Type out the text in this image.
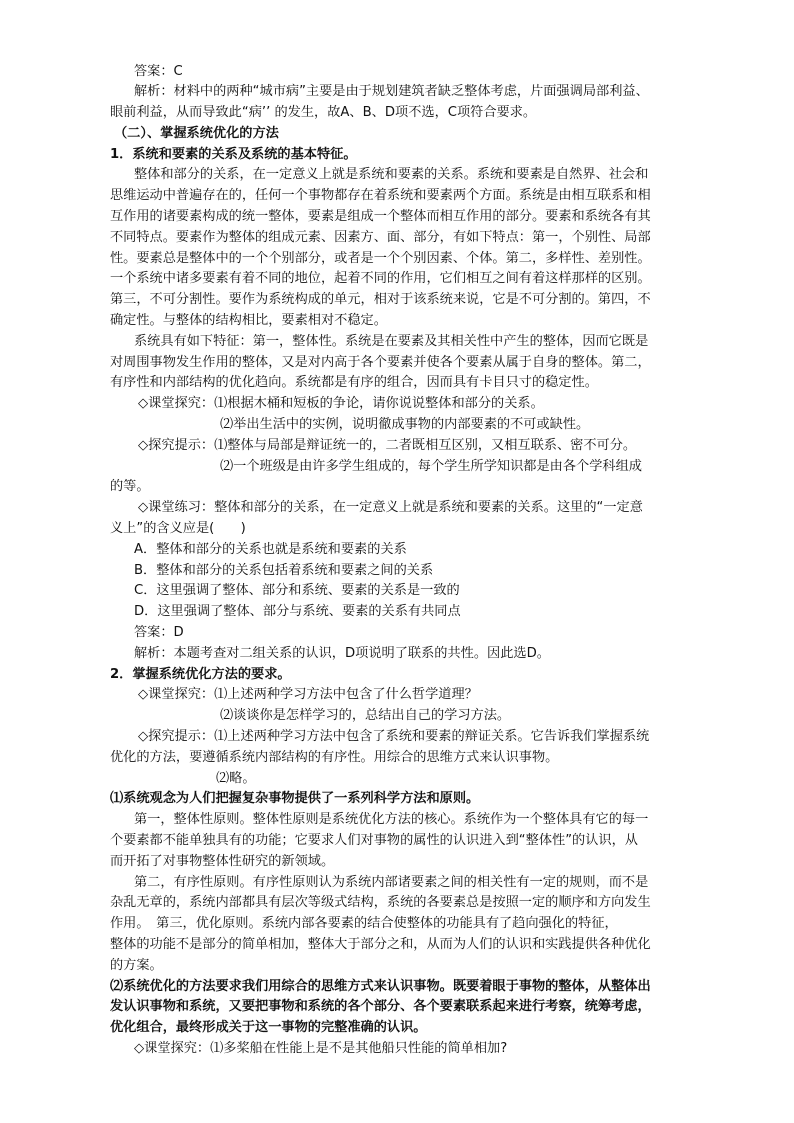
答案：C
解析：材料中的两种“城市病”主要是由于规划建筑者缺乏整体考虑，片面强调局部利益、
眼前利益，从而导致此“病’’ 的发生，故A、B、D项不选，C项符合要求。
（二）、掌握系统优化的方法
1．系统和要素的关系及系统的基本特征。
整体和部分的关系，在一定意义上就是系统和要素的关系。系统和要素是自然界、社会和
思维运动中普遍存在的，任何一个事物都存在着系统和要素两个方面。系统是由相互联系和相
互作用的诸要素构成的统一整体，要素是组成一个整体而相互作用的部分。要素和系统各有其
不同特点。要素作为整体的组成元素、因素方、面、部分，有如下特点：第一，个别性、局部
性。要素总是整体中的一个个别部分，或者是一个个别因素、个体。第二，多样性、差别性。
一个系统中诸多要素有着不同的地位，起着不同的作用，它们相互之间有着这样那样的区别。
第三，不可分割性。要作为系统构成的单元，相对于该系统来说，它是不可分割的。第四，不
确定性。与整体的结构相比，要素相对不稳定。
系统具有如下特征：第一，整体性。系统是在要素及其相关性中产生的整体，因而它既是
对周围事物发生作用的整体，又是对内高于各个要素并使各个要素从属于自身的整体。第二，
有序性和内部结构的优化趋向。系统都是有序的组合，因而具有卡目只寸的稳定性。
◇课堂探究：⑴根据木桶和短板的争论，请你说说整体和部分的关系。
⑵举出生活中的实例，说明徹成事物的内部要素的不可或缺性。
◇探究提示：⑴整体与局部是辩证统一的，二者既相互区别，又相互联系、密不可分。
⑵一个班级是由许多学生组成的，每个学生所学知识都是由各个学科组成
的等。
◇课堂练习：整体和部分的关系，在一定意义上就是系统和要素的关系。这里的“一定意
义上”的含义应是(　　)
A．整体和部分的关系也就是系统和要素的关系
B．整体和部分的关系包括着系统和要素之间的关系
C．这里强调了整体、部分和系统、要素的关系是一致的
D．这里强调了整体、部分与系统、要素的关系有共同点
答案：D
解析：本题考查对二组关系的认识，D项说明了联系的共性。因此选D。
2．掌握系统优化方法的要求。
◇课堂探究：⑴上述两种学习方法中包含了什么哲学道理？
⑵谈谈你是怎样学习的，总结出自己的学习方法。
◇探究提示：⑴上述两种学习方法中包含了系统和要素的辩证关系。它告诉我们掌握系统
优化的方法，要遵循系统内部结构的有序性。用综合的思维方式来认识事物。
⑵略。
⑴系统观念为人们把握复杂事物提供了一系列科学方法和原则。
第一，整体性原则。整体性原则是系统优化方法的核心。系统作为一个整体具有它的每一
个要素都不能单独具有的功能；它要求人们对事物的属性的认识进入到“整体性”的认识，从
而开拓了对事物整体性研究的新领域。
第二，有序性原则。有序性原则认为系统内部诸要素之间的相关性有一定的规则，而不是
杂乱无章的，系统内部都具有层次等级式结构，系统的各要素总是按照一定的顺序和方向发生
作用。　第三，优化原则。系统内部各要素的结合使整体的功能具有了趋向强化的特征，
整体的功能不是部分的简单相加，整体大于部分之和，从而为人们的认识和实践提供各种优化
的方案。
⑵系统优化的方法要求我们用综合的思维方式来认识事物。既要着眼于事物的整体，从整体出
发认识事物和系统，又要把事物和系统的各个部分、各个要素联系起来进行考察，统筹考虑，
优化组合，最终形成关于这一事物的完整准确的认识。
◇课堂探究：⑴多桨船在性能上是不是其他船只性能的简单相加?
